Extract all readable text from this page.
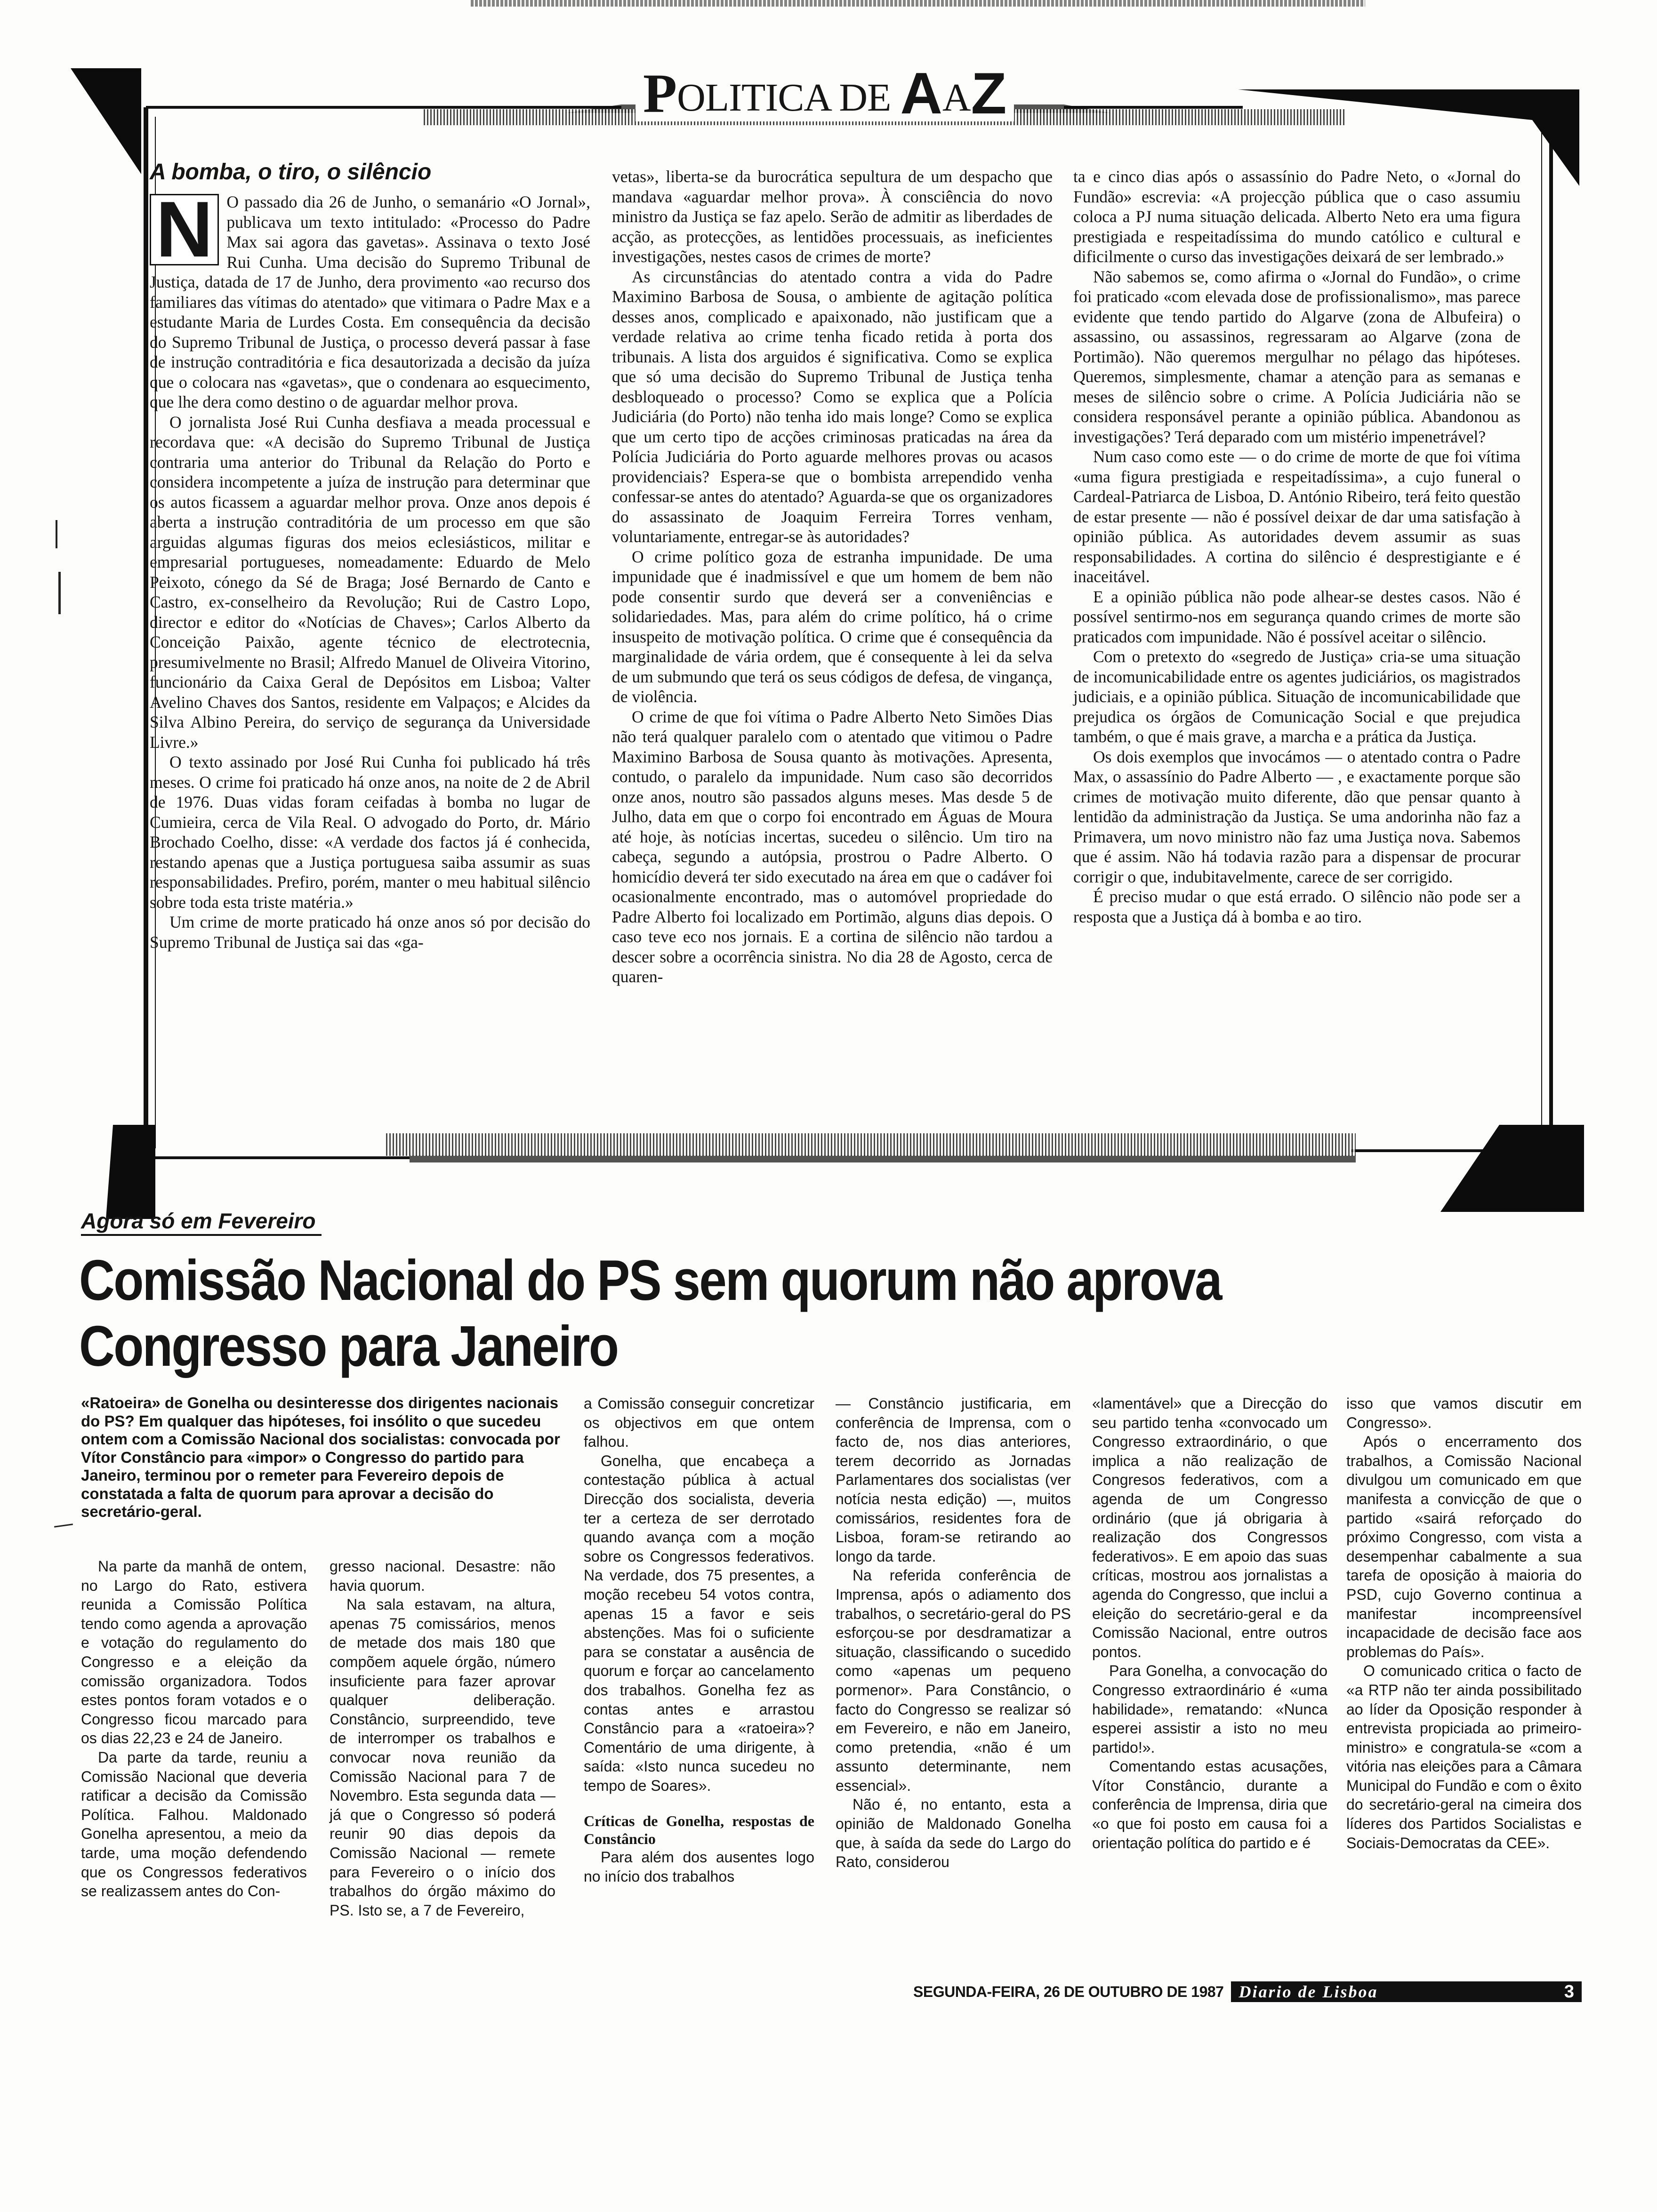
P OLITICA DE A A Z
A bomba, o tiro, o silêncio
N O passado dia 26 de Junho, o semanário «O Jornal», publicava um texto intitulado: «Processo do Padre Max sai agora das gavetas». Assinava o texto José Rui Cunha. Uma decisão do Supremo Tribunal de Justiça, datada de 17 de Junho, dera provimento «ao recurso dos familiares das vítimas do atentado» que vitimara o Padre Max e a estudante Maria de Lurdes Costa. Em consequência da decisão do Supremo Tribunal de Justiça, o processo deverá passar à fase de instrução contraditória e fica desautorizada a decisão da juíza que o colocara nas «gavetas», que o condenara ao esquecimento, que lhe dera como destino o de aguardar melhor prova.

O jornalista José Rui Cunha desfiava a meada processual e recordava que: «A decisão do Supremo Tribunal de Justiça contraria uma anterior do Tribunal da Relação do Porto e considera incompetente a juíza de instrução para determinar que os autos ficassem a aguardar melhor prova. Onze anos depois é aberta a instrução contraditória de um processo em que são arguidas algumas figuras dos meios eclesiásticos, militar e empresarial portugueses, nomeadamente: Eduardo de Melo Peixoto, cónego da Sé de Braga; José Bernardo de Canto e Castro, ex-conselheiro da Revolução; Rui de Castro Lopo, director e editor do «Notícias de Chaves»; Carlos Alberto da Conceição Paixão, agente técnico de electrotecnia, presumivelmente no Brasil; Alfredo Manuel de Oliveira Vitorino, funcionário da Caixa Geral de Depósitos em Lisboa; Valter Avelino Chaves dos Santos, residente em Valpaços; e Alcides da Silva Albino Pereira, do serviço de segurança da Universidade Livre.»

O texto assinado por José Rui Cunha foi publicado há três meses. O crime foi praticado há onze anos, na noite de 2 de Abril de 1976. Duas vidas foram ceifadas à bomba no lugar de Cumieira, cerca de Vila Real. O advogado do Porto, dr. Mário Brochado Coelho, disse: «A verdade dos factos já é conhecida, restando apenas que a Justiça portuguesa saiba assumir as suas responsabilidades. Prefiro, porém, manter o meu habitual silêncio sobre toda esta triste matéria.»

Um crime de morte praticado há onze anos só por decisão do Supremo Tribunal de Justiça sai das «ga-

vetas», liberta-se da burocrática sepultura de um despacho que mandava «aguardar melhor prova». À consciência do novo ministro da Justiça se faz apelo. Serão de admitir as liberdades de acção, as protecções, as lentidões processuais, as ineficientes investigações, nestes casos de crimes de morte?

As circunstâncias do atentado contra a vida do Padre Maximino Barbosa de Sousa, o ambiente de agitação política desses anos, complicado e apaixonado, não justificam que a verdade relativa ao crime tenha ficado retida à porta dos tribunais. A lista dos arguidos é significativa. Como se explica que só uma decisão do Supremo Tribunal de Justiça tenha desbloqueado o processo? Como se explica que a Polícia Judiciária (do Porto) não tenha ido mais longe? Como se explica que um certo tipo de acções criminosas praticadas na área da Polícia Judiciária do Porto aguarde melhores provas ou acasos providenciais? Espera-se que o bombista arrependido venha confessar-se antes do atentado? Aguarda-se que os organizadores do assassinato de Joaquim Ferreira Torres venham, voluntariamente, entregar-se às autoridades?

O crime político goza de estranha impunidade. De uma impunidade que é inadmissível e que um homem de bem não pode consentir surdo que deverá ser a conveniências e solidariedades. Mas, para além do crime político, há o crime insuspeito de motivação política. O crime que é consequência da marginalidade de vária ordem, que é consequente à lei da selva de um submundo que terá os seus códigos de defesa, de vingança, de violência.

O crime de que foi vítima o Padre Alberto Neto Simões Dias não terá qualquer paralelo com o atentado que vitimou o Padre Maximino Barbosa de Sousa quanto às motivações. Apresenta, contudo, o paralelo da impunidade. Num caso são decorridos onze anos, noutro são passados alguns meses. Mas desde 5 de Julho, data em que o corpo foi encontrado em Águas de Moura até hoje, às notícias incertas, sucedeu o silêncio. Um tiro na cabeça, segundo a autópsia, prostrou o Padre Alberto. O homicídio deverá ter sido executado na área em que o cadáver foi ocasionalmente encontrado, mas o automóvel propriedade do Padre Alberto foi localizado em Portimão, alguns dias depois. O caso teve eco nos jornais. E a cortina de silêncio não tardou a descer sobre a ocorrência sinistra. No dia 28 de Agosto, cerca de quaren-

ta e cinco dias após o assassínio do Padre Neto, o «Jornal do Fundão» escrevia: «A projecção pública que o caso assumiu coloca a PJ numa situação delicada. Alberto Neto era uma figura prestigiada e respeitadíssima do mundo católico e cultural e dificilmente o curso das investigações deixará de ser lembrado.»

Não sabemos se, como afirma o «Jornal do Fundão», o crime foi praticado «com elevada dose de profissionalismo», mas parece evidente que tendo partido do Algarve (zona de Albufeira) o assassino, ou assassinos, regressaram ao Algarve (zona de Portimão). Não queremos mergulhar no pélago das hipóteses. Queremos, simplesmente, chamar a atenção para as semanas e meses de silêncio sobre o crime. A Polícia Judiciária não se considera responsável perante a opinião pública. Abandonou as investigações? Terá deparado com um mistério impenetrável?

Num caso como este — o do crime de morte de que foi vítima «uma figura prestigiada e respeitadíssima», a cujo funeral o Cardeal-Patriarca de Lisboa, D. António Ribeiro, terá feito questão de estar presente — não é possível deixar de dar uma satisfação à opinião pública. As autoridades devem assumir as suas responsabilidades. A cortina do silêncio é desprestigiante e é inaceitável.

E a opinião pública não pode alhear-se destes casos. Não é possível sentirmo-nos em segurança quando crimes de morte são praticados com impunidade. Não é possível aceitar o silêncio.

Com o pretexto do «segredo de Justiça» cria-se uma situação de incomunicabilidade entre os agentes judiciários, os magistrados judiciais, e a opinião pública. Situação de incomunicabilidade que prejudica os órgãos de Comunicação Social e que prejudica também, o que é mais grave, a marcha e a prática da Justiça.

Os dois exemplos que invocámos — o atentado contra o Padre Max, o assassínio do Padre Alberto — , e exactamente porque são crimes de motivação muito diferente, dão que pensar quanto à lentidão da administração da Justiça. Se uma andorinha não faz a Primavera, um novo ministro não faz uma Justiça nova. Sabemos que é assim. Não há todavia razão para a dispensar de procurar corrigir o que, indubitavelmente, carece de ser corrigido.

É preciso mudar o que está errado. O silêncio não pode ser a resposta que a Justiça dá à bomba e ao tiro.

Agora só em Fevereiro
Comissão Nacional do PS sem quorum não aprova
Congresso para Janeiro
«Ratoeira» de Gonelha ou desinteresse dos dirigentes nacionais do PS? Em qualquer das hipóteses, foi insólito o que sucedeu ontem com a Comissão Nacional dos socialistas: convocada por Vítor Constâncio para «impor» o Congresso do partido para Janeiro, terminou por o remeter para Fevereiro depois de constatada a falta de quorum para aprovar a decisão do secretário-geral.

Na parte da manhã de ontem, no Largo do Rato, estivera reunida a Comissão Política tendo como agenda a aprovação e votação do regulamento do Congresso e a eleição da comissão organizadora. Todos estes pontos foram votados e o Congresso ficou marcado para os dias 22,23 e 24 de Janeiro.

Da parte da tarde, reuniu a Comissão Nacional que deveria ratificar a decisão da Comissão Política. Falhou. Maldonado Gonelha apresentou, a meio da tarde, uma moção defendendo que os Congressos federativos se realizassem antes do Con-

gresso nacional. Desastre: não havia quorum.

Na sala estavam, na altura, apenas 75 comissários, menos de metade dos mais 180 que compõem aquele órgão, número insuficiente para fazer aprovar qualquer deliberação. Constâncio, surpreendido, teve de interromper os trabalhos e convocar nova reunião da Comissão Nacional para 7 de Novembro. Esta segunda data — já que o Congresso só poderá reunir 90 dias depois da Comissão Nacional — remete para Fevereiro o o início dos trabalhos do órgão máximo do PS. Isto se, a 7 de Fevereiro,

a Comissão conseguir concretizar os objectivos em que ontem falhou.

Gonelha, que encabeça a contestação pública à actual Direcção dos socialista, deveria ter a certeza de ser derrotado quando avança com a moção sobre os Congressos federativos. Na verdade, dos 75 presentes, a moção recebeu 54 votos contra, apenas 15 a favor e seis abstenções. Mas foi o suficiente para se constatar a ausência de quorum e forçar ao cancelamento dos trabalhos. Gonelha fez as contas antes e arrastou Constâncio para a «ratoeira»? Comentário de uma dirigente, à saída: «Isto nunca sucedeu no tempo de Soares».

Críticas de Gonelha, respostas de Constâncio

Para além dos ausentes logo no início dos trabalhos

— Constâncio justificaria, em conferência de Imprensa, com o facto de, nos dias anteriores, terem decorrido as Jornadas Parlamentares dos socialistas (ver notícia nesta edição) —, muitos comissários, residentes fora de Lisboa, foram-se retirando ao longo da tarde.

Na referida conferência de Imprensa, após o adiamento dos trabalhos, o secretário-geral do PS esforçou-se por desdramatizar a situação, classificando o sucedido como «apenas um pequeno pormenor». Para Constâncio, o facto do Congresso se realizar só em Fevereiro, e não em Janeiro, como pretendia, «não é um assunto determinante, nem essencial».

Não é, no entanto, esta a opinião de Maldonado Gonelha que, à saída da sede do Largo do Rato, considerou

«lamentável» que a Direcção do seu partido tenha «convocado um Congresso extraordinário, o que implica a não realização de Congresos federativos, com a agenda de um Congresso ordinário (que já obrigaria à realização dos Congressos federativos». E em apoio das suas críticas, mostrou aos jornalistas a agenda do Congresso, que inclui a eleição do secretário-geral e da Comissão Nacional, entre outros pontos.

Para Gonelha, a convocação do Congresso extraordinário é «uma habilidade», rematando: «Nunca esperei assistir a isto no meu partido!».

Comentando estas acusações, Vítor Constâncio, durante a conferência de Imprensa, diria que «o que foi posto em causa foi a orientação política do partido e é

isso que vamos discutir em Congresso».

Após o encerramento dos trabalhos, a Comissão Nacional divulgou um comunicado em que manifesta a convicção de que o partido «sairá reforçado do próximo Congresso, com vista a desempenhar cabalmente a sua tarefa de oposição à maioria do PSD, cujo Governo continua a manifestar incompreensível incapacidade de decisão face aos problemas do País».

O comunicado critica o facto de «a RTP não ter ainda possibilitado ao líder da Oposição responder à entrevista propiciada ao primeiro-ministro» e congratula-se «com a vitória nas eleições para a Câmara Municipal do Fundão e com o êxito do secretário-geral na cimeira dos líderes dos Partidos Socialistas e Sociais-Democratas da CEE».

SEGUNDA-FEIRA, 26 DE OUTUBRO DE 1987 Diario de Lisboa	3
